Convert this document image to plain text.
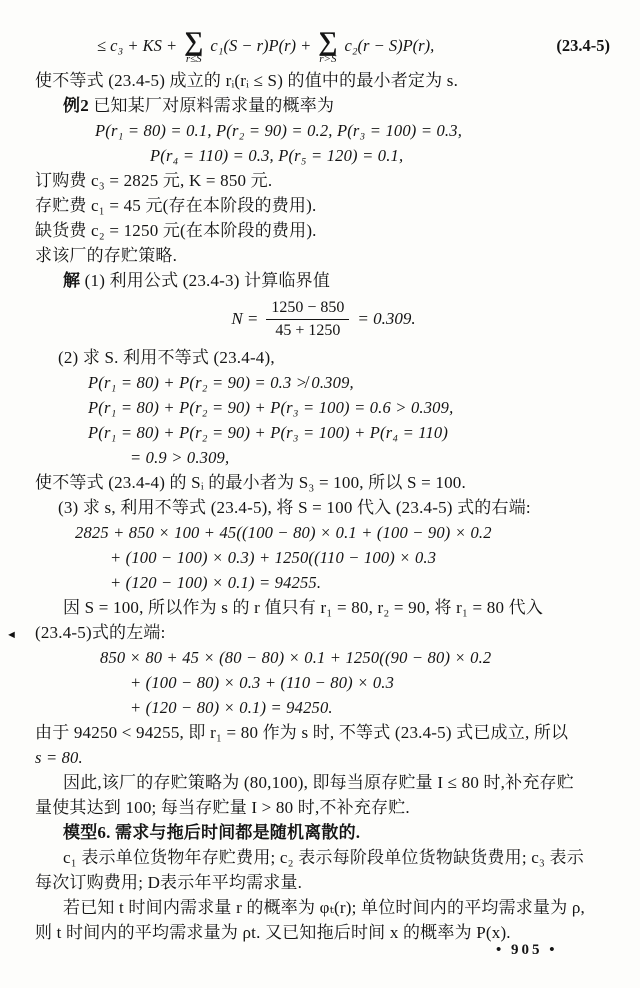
≤ c₃ + KS + ∑
r≤S
c₁(S − r)P(r) + ∑
r>S
c₂(r − S)P(r),	(23.4-5)
使不等式 (23.4-5) 成立的 rᵢ(rᵢ ≤ S) 的值中的最小者定为 s.
例2 已知某厂对原料需求量的概率为
P(r₁ = 80) = 0.1, P(r₂ = 90) = 0.2, P(r₃ = 100) = 0.3,
P(r₄ = 110) = 0.3, P(r₅ = 120) = 0.1,
订购费 c₃ = 2825 元, K = 850 元.
存贮费 c₁ = 45 元(存在本阶段的费用).
缺货费 c₂ = 1250 元(在本阶段的费用).
求该厂的存贮策略.
解 (1) 利用公式 (23.4-3) 计算临界值
$N = \frac{1250 - 850}{45 + 1250} = 0.309$.
(2) 求 S. 利用不等式 (23.4-4),
P(r₁ = 80) + P(r₂ = 90) = 0.3 ≯ 0.309,
P(r₁ = 80) + P(r₂ = 90) + P(r₃ = 100) = 0.6 > 0.309,
P(r₁ = 80) + P(r₂ = 90) + P(r₃ = 100) + P(r₄ = 110)
= 0.9 > 0.309,
使不等式 (23.4-4) 的 Sᵢ 的最小者为 S₃ = 100, 所以 S = 100.
(3) 求 s, 利用不等式 (23.4-5), 将 S = 100 代入 (23.4-5) 式的右端:
2825 + 850 × 100 + 45((100 − 80) × 0.1 + (100 − 90) × 0.2
+ (100 − 100) × 0.3) + 1250((110 − 100) × 0.3
+ (120 − 100) × 0.1) = 94255.
因 S = 100, 所以作为 s 的 r 值只有 r₁ = 80, r₂ = 90, 将 r₁ = 80 代入
◄ (23.4-5)式的左端:
850 × 80 + 45 × (80 − 80) × 0.1 + 1250((90 − 80) × 0.2
+ (100 − 80) × 0.3 + (110 − 80) × 0.3
+ (120 − 80) × 0.1) = 94250.
由于 94250 < 94255, 即 r₁ = 80 作为 s 时, 不等式 (23.4-5) 式已成立, 所以
s = 80.
因此,该厂的存贮策略为 (80,100), 即每当原存贮量 I ≤ 80 时,补充存贮
量使其达到 100; 每当存贮量 I > 80 时,不补充存贮.
模型6. 需求与拖后时间都是随机离散的.
c₁ 表示单位货物年存贮费用; c₂ 表示每阶段单位货物缺货费用; c₃ 表示
每次订购费用; D表示年平均需求量.
若已知 t 时间内需求量 r 的概率为 φₜ(r); 单位时间内的平均需求量为 ρ,
则 t 时间内的平均需求量为 ρt. 又已知拖后时间 x 的概率为 P(x).
• 905 •
